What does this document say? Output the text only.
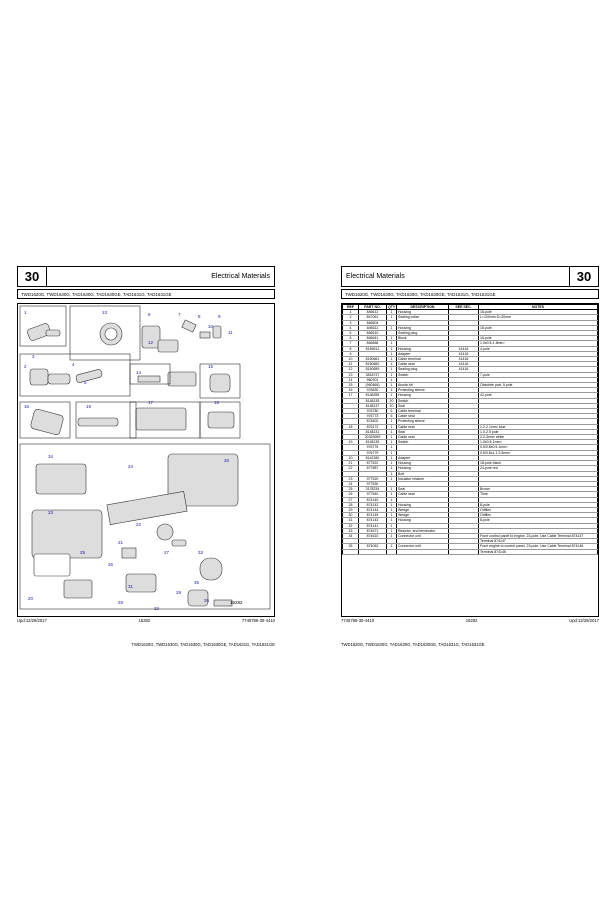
30	Electrical Materials
TWD1620G, TWD1630G, TAD1630G, TAD1630GE, TAD1631G, TAD1631GE
1	13	6	7	8	9
10
11
12
3
2	4
5
14
15
16	19
17	18
34
24
30
22
21
23
25
26
27
28
29
33
31
32
20
35
36	16282
Upd:12/29/2017	16282	7745786-30-4410
TWD1620G, TWD1630G, TAD1630G, TAD1630GE, TAD1631G, TAD1631GE
Electrical Materials	30
TWD1620G, TWD1630G, TAD1630G, TAD1630GE, TAD1631G, TAD1631GE
REF	PART NO.	QTY	DESCRIPTION	SEE SEC.	NOTES
1	846612	1	Housing		16-pole
2	847061	1	Sealing collar		L=100mm D=20mm
3	846604				
4	846611	1	Housing		16-pole
5	846610		Sealing plug		
6	846641	1	Block		16-pole
7	846666	1			1.0x0.5-1.5mm²
8	8159612	1	Housing	41416	4-pole
9		1	Adapter	41416	
10	8150661	1	Cable terminal	41416	
11	8150660	1	Cable seal	41416	
12	8150659	1	Sealing plug	41416	
13	3818737	1	Switch		7-pole
14	960301	1			
15	(960466)	1	Anode kit		Obsolete part, 5 pole
16	976830	1	Protecting sleeve		
17	8148255	1	Housing		42-pole
	8148135	20	Switch		
	8148137	20	Seal		
	976780	6	Cable terminal		
	976773	6	Cable seal		
	874602	1	Protecting sleeve		
18	876172	1	Cable seal		1.2-2.1mm² blue
	8148131	1	Seal		1.0-2.5 pole
	20329089	1	Cable seal		2.2-3mm² white
19	8148135	1	Switch		1.0x0.5-1mm²
	976776	1			0.5/0.8x0.5-1mm²
	976779	1			0.5/0.8x1.1-2.5mm²
20	8142180	1	Adapter		
21	877522	1	Housing		18-pole black
22	877887	1	Housing		24-pole red
		1	Bolt		
23	977520	1	Insulator retainer		
24	977530				
25	3178234	1	Seal		Brown
26	977540	1	Cable seal		Time
27	874140	1			
28	874142	1	Housing		8-pole
29	874144	1	Wedge		Orifflex
30	874145	1	Wedge		Orifflex
31	874143	1	Housing		8-pole
32	874141	1			
33	874671	1	Resistor, end terminator		
34	874610	1	Connector unit		Front control panel to engine, 23-pole. Use Cable Terminal 874147
					Terminal 874147
35	874062	1	Connector unit		Front engine to control panel, 23-pole. Use Cable Terminal 874146
					Terminal 874146
7745786-30-4410	16282	Upd:12/29/2017
TWD1620G, TWD1630G, TAD1630G, TAD1630GE, TAD1631G, TAD1631GE
